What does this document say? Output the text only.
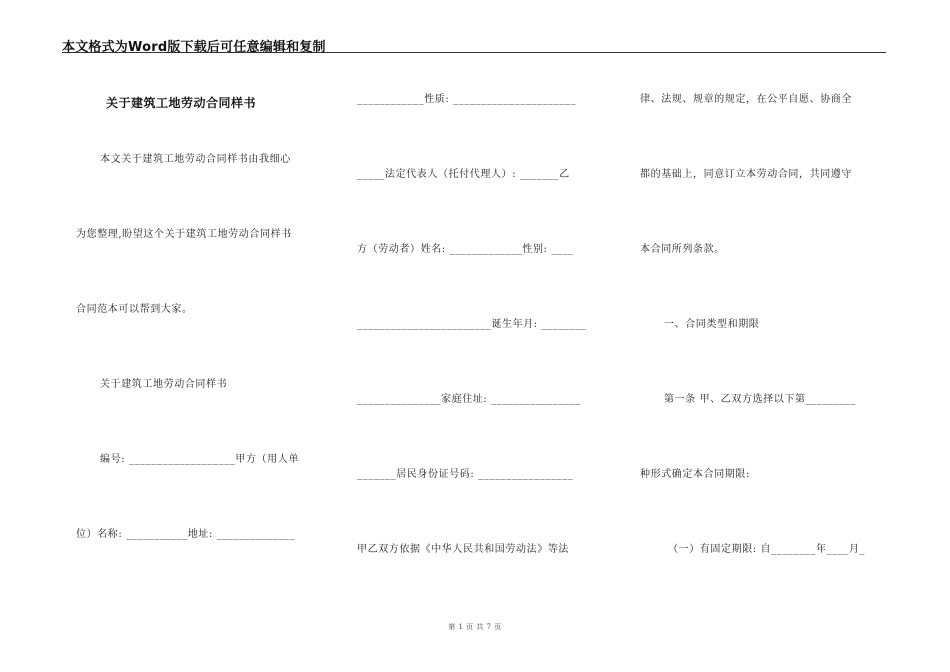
本文格式为Word版下载后可任意编辑和复制
关于建筑工地劳动合同样书
本文关于建筑工地劳动合同样书由我细心
为您整理,盼望这个关于建筑工地劳动合同样书
合同范本可以帮到大家。
关于建筑工地劳动合同样书
编号: ___________________甲方（用人单
位）名称: ___________地址: ______________
____________性质: ______________________
_____法定代表人（托付代理人）: _______乙
方（劳动者）姓名: _____________性别: ____
________________________诞生年月: ________
_______________家庭住址: ________________
_______居民身份证号码: _________________
甲乙双方依据《中华人民共和国劳动法》等法
律、法规、规章的规定，在公平自愿、协商全
都的基础上，同意订立本劳动合同，共同遵守
本合同所列条款。
一、合同类型和期限
第一条 甲、乙双方选择以下第_________
种形式确定本合同期限:
（一）有固定期限: 自________年____月_
第 1 页 共 7 页
